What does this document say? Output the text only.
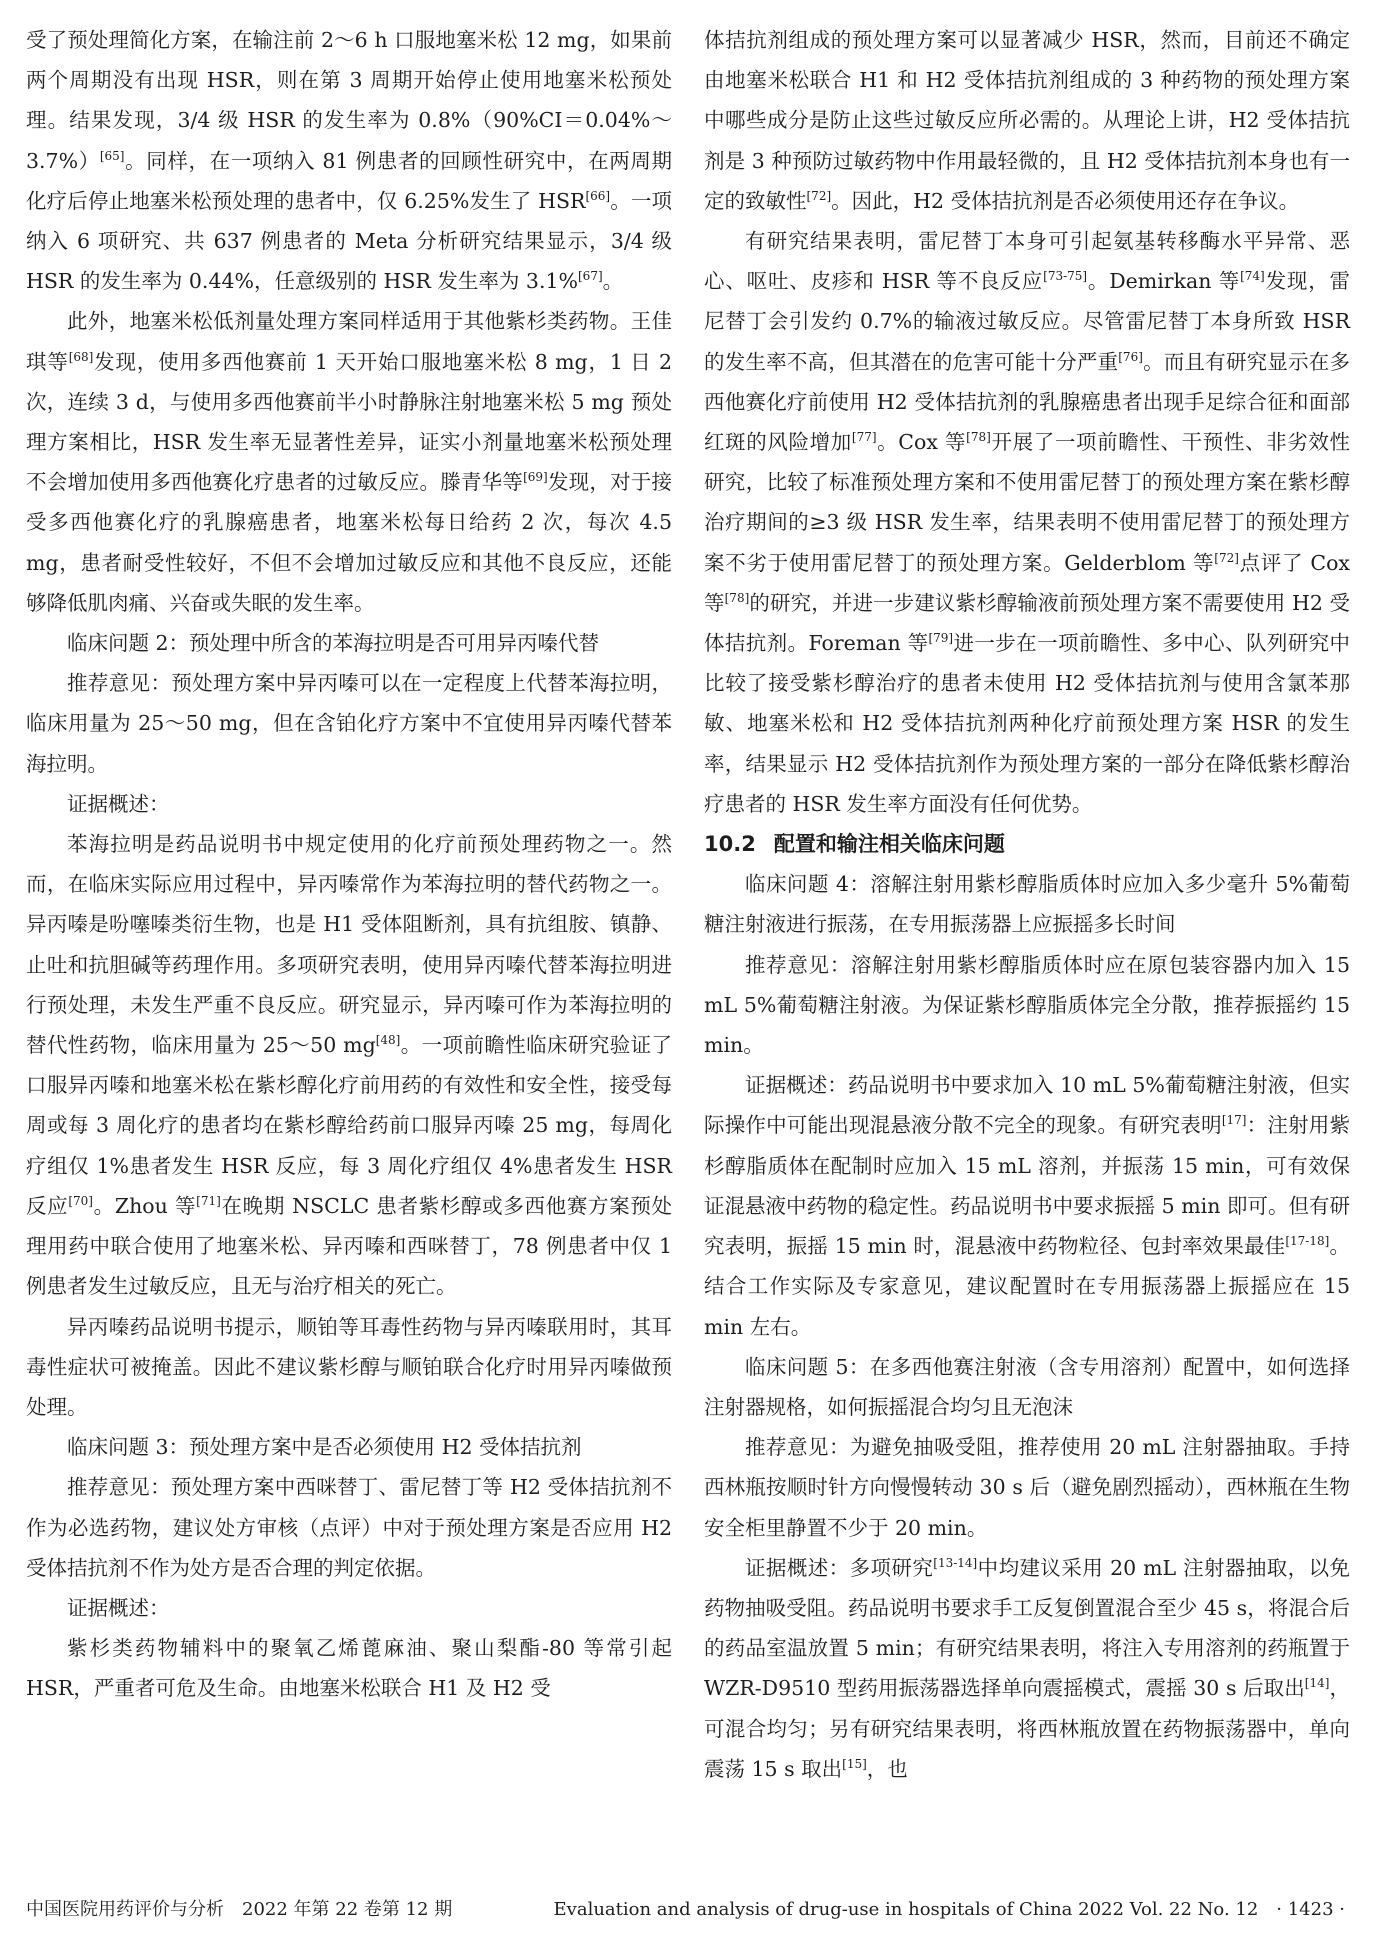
受了预处理简化方案，在输注前 2～6 h 口服地塞米松 12 mg，如果前两个周期没有出现 HSR，则在第 3 周期开始停止使用地塞米松预处理。结果发现，3/4 级 HSR 的发生率为 0.8%（90%CI＝0.04%～3.7%）[65]。同样，在一项纳入 81 例患者的回顾性研究中，在两周期化疗后停止地塞米松预处理的患者中，仅 6.25%发生了 HSR[66]。一项纳入 6 项研究、共 637 例患者的 Meta 分析研究结果显示，3/4 级 HSR 的发生率为 0.44%，任意级别的 HSR 发生率为 3.1%[67]。

此外，地塞米松低剂量处理方案同样适用于其他紫杉类药物。王佳琪等[68]发现，使用多西他赛前 1 天开始口服地塞米松 8 mg，1 日 2 次，连续 3 d，与使用多西他赛前半小时静脉注射地塞米松 5 mg 预处理方案相比，HSR 发生率无显著性差异，证实小剂量地塞米松预处理不会增加使用多西他赛化疗患者的过敏反应。滕青华等[69]发现，对于接受多西他赛化疗的乳腺癌患者，地塞米松每日给药 2 次，每次 4.5 mg，患者耐受性较好，不但不会增加过敏反应和其他不良反应，还能够降低肌肉痛、兴奋或失眠的发生率。

临床问题 2：预处理中所含的苯海拉明是否可用异丙嗪代替

推荐意见：预处理方案中异丙嗪可以在一定程度上代替苯海拉明，临床用量为 25～50 mg，但在含铂化疗方案中不宜使用异丙嗪代替苯海拉明。

证据概述：

苯海拉明是药品说明书中规定使用的化疗前预处理药物之一。然而，在临床实际应用过程中，异丙嗪常作为苯海拉明的替代药物之一。异丙嗪是吩噻嗪类衍生物，也是 H1 受体阻断剂，具有抗组胺、镇静、止吐和抗胆碱等药理作用。多项研究表明，使用异丙嗪代替苯海拉明进行预处理，未发生严重不良反应。研究显示，异丙嗪可作为苯海拉明的替代性药物，临床用量为 25～50 mg[48]。一项前瞻性临床研究验证了口服异丙嗪和地塞米松在紫杉醇化疗前用药的有效性和安全性，接受每周或每 3 周化疗的患者均在紫杉醇给药前口服异丙嗪 25 mg，每周化疗组仅 1%患者发生 HSR 反应，每 3 周化疗组仅 4%患者发生 HSR 反应[70]。Zhou 等[71]在晚期 NSCLC 患者紫杉醇或多西他赛方案预处理用药中联合使用了地塞米松、异丙嗪和西咪替丁，78 例患者中仅 1 例患者发生过敏反应，且无与治疗相关的死亡。

异丙嗪药品说明书提示，顺铂等耳毒性药物与异丙嗪联用时，其耳毒性症状可被掩盖。因此不建议紫杉醇与顺铂联合化疗时用异丙嗪做预处理。

临床问题 3：预处理方案中是否必须使用 H2 受体拮抗剂

推荐意见：预处理方案中西咪替丁、雷尼替丁等 H2 受体拮抗剂不作为必选药物，建议处方审核（点评）中对于预处理方案是否应用 H2 受体拮抗剂不作为处方是否合理的判定依据。

证据概述：

紫杉类药物辅料中的聚氧乙烯蓖麻油、聚山梨酯-80 等常引起 HSR，严重者可危及生命。由地塞米松联合 H1 及 H2 受

体拮抗剂组成的预处理方案可以显著减少 HSR，然而，目前还不确定由地塞米松联合 H1 和 H2 受体拮抗剂组成的 3 种药物的预处理方案中哪些成分是防止这些过敏反应所必需的。从理论上讲，H2 受体拮抗剂是 3 种预防过敏药物中作用最轻微的，且 H2 受体拮抗剂本身也有一定的致敏性[72]。因此，H2 受体拮抗剂是否必须使用还存在争议。

有研究结果表明，雷尼替丁本身可引起氨基转移酶水平异常、恶心、呕吐、皮疹和 HSR 等不良反应[73-75]。Demirkan 等[74]发现，雷尼替丁会引发约 0.7%的输液过敏反应。尽管雷尼替丁本身所致 HSR 的发生率不高，但其潜在的危害可能十分严重[76]。而且有研究显示在多西他赛化疗前使用 H2 受体拮抗剂的乳腺癌患者出现手足综合征和面部红斑的风险增加[77]。Cox 等[78]开展了一项前瞻性、干预性、非劣效性研究，比较了标准预处理方案和不使用雷尼替丁的预处理方案在紫杉醇治疗期间的≥3 级 HSR 发生率，结果表明不使用雷尼替丁的预处理方案不劣于使用雷尼替丁的预处理方案。Gelderblom 等[72]点评了 Cox 等[78]的研究，并进一步建议紫杉醇输液前预处理方案不需要使用 H2 受体拮抗剂。Foreman 等[79]进一步在一项前瞻性、多中心、队列研究中比较了接受紫杉醇治疗的患者未使用 H2 受体拮抗剂与使用含氯苯那敏、地塞米松和 H2 受体拮抗剂两种化疗前预处理方案 HSR 的发生率，结果显示 H2 受体拮抗剂作为预处理方案的一部分在降低紫杉醇治疗患者的 HSR 发生率方面没有任何优势。

10.2 配置和输注相关临床问题

临床问题 4：溶解注射用紫杉醇脂质体时应加入多少毫升 5%葡萄糖注射液进行振荡，在专用振荡器上应振摇多长时间

推荐意见：溶解注射用紫杉醇脂质体时应在原包装容器内加入 15 mL 5%葡萄糖注射液。为保证紫杉醇脂质体完全分散，推荐振摇约 15 min。

证据概述：药品说明书中要求加入 10 mL 5%葡萄糖注射液，但实际操作中可能出现混悬液分散不完全的现象。有研究表明[17]：注射用紫杉醇脂质体在配制时应加入 15 mL 溶剂，并振荡 15 min，可有效保证混悬液中药物的稳定性。药品说明书中要求振摇 5 min 即可。但有研究表明，振摇 15 min 时，混悬液中药物粒径、包封率效果最佳[17-18]。结合工作实际及专家意见，建议配置时在专用振荡器上振摇应在 15 min 左右。

临床问题 5：在多西他赛注射液（含专用溶剂）配置中，如何选择注射器规格，如何振摇混合均匀且无泡沫

推荐意见：为避免抽吸受阻，推荐使用 20 mL 注射器抽取。手持西林瓶按顺时针方向慢慢转动 30 s 后（避免剧烈摇动），西林瓶在生物安全柜里静置不少于 20 min。

证据概述：多项研究[13-14]中均建议采用 20 mL 注射器抽取，以免药物抽吸受阻。药品说明书要求手工反复倒置混合至少 45 s，将混合后的药品室温放置 5 min；有研究结果表明，将注入专用溶剂的药瓶置于 WZR-D9510 型药用振荡器选择单向震摇模式，震摇 30 s 后取出[14]，可混合均匀；另有研究结果表明，将西林瓶放置在药物振荡器中，单向震荡 15 s 取出[15]，也

中国医院用药评价与分析　2022 年第 22 卷第 12 期	Evaluation and analysis of drug-use in hospitals of China 2022 Vol. 22 No. 12　· 1423 ·
